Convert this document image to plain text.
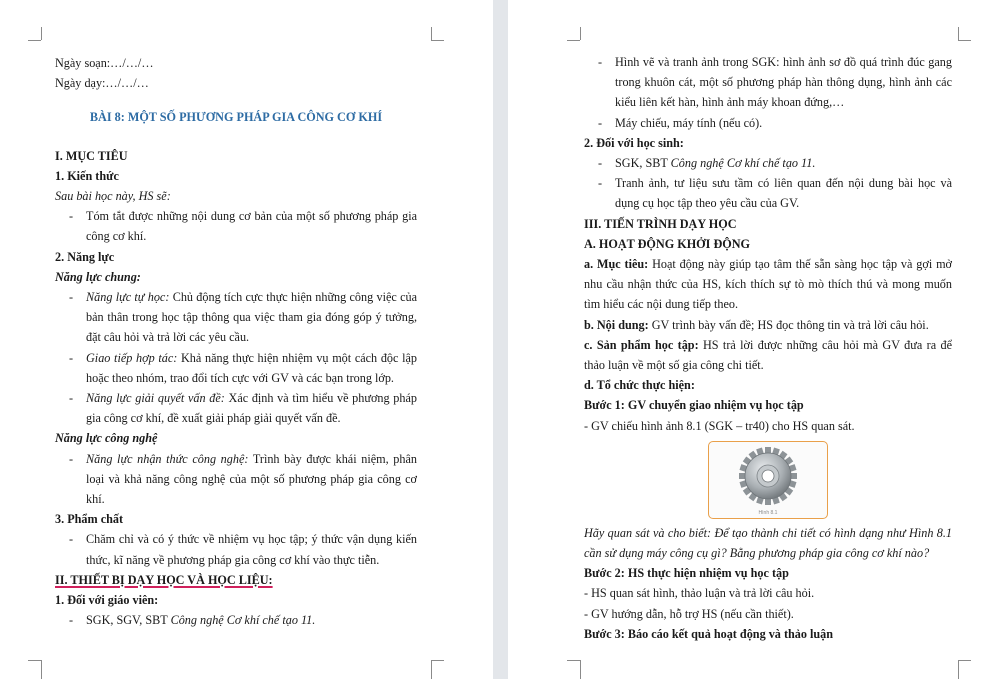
Ngày soạn:…/…/…

Ngày dạy:…/…/…

BÀI 8: MỘT SỐ PHƯƠNG PHÁP GIA CÔNG CƠ KHÍ

I. MỤC TIÊU

1. Kiến thức

Sau bài học này, HS sẽ:

- Tóm tắt được những nội dung cơ bản của một số phương pháp gia công cơ khí.

2. Năng lực

Năng lực chung:

- Năng lực tự học: Chủ động tích cực thực hiện những công việc của bản thân trong học tập thông qua việc tham gia đóng góp ý tưởng, đặt câu hỏi và trả lời các yêu cầu.
- Giao tiếp hợp tác: Khả năng thực hiện nhiệm vụ một cách độc lập hoặc theo nhóm, trao đổi tích cực với GV và các bạn trong lớp.
- Năng lực giải quyết vấn đề: Xác định và tìm hiểu về phương pháp gia công cơ khí, đề xuất giải pháp giải quyết vấn đề.

Năng lực công nghệ

- Năng lực nhận thức công nghệ: Trình bày được khái niệm, phân loại và khả năng công nghệ của một số phương pháp gia công cơ khí.

3. Phẩm chất

- Chăm chỉ và có ý thức về nhiệm vụ học tập; ý thức vận dụng kiến thức, kĩ năng về phương pháp gia công cơ khí vào thực tiễn.

II. THIẾT BỊ DẠY HỌC VÀ HỌC LIỆU:

1. Đối với giáo viên:

- SGK, SGV, SBT Công nghệ Cơ khí chế tạo 11.
- Hình vẽ và tranh ảnh trong SGK: hình ảnh sơ đồ quá trình đúc gang trong khuôn cát, một số phương pháp hàn thông dụng, hình ảnh các kiểu liên kết hàn, hình ảnh máy khoan đứng,…
- Máy chiếu, máy tính (nếu có).

2. Đối với học sinh:

- SGK, SBT Công nghệ Cơ khí chế tạo 11.
- Tranh ảnh, tư liệu sưu tầm có liên quan đến nội dung bài học và dụng cụ học tập theo yêu cầu của GV.

III. TIẾN TRÌNH DẠY HỌC

A. HOẠT ĐỘNG KHỞI ĐỘNG

a. Mục tiêu: Hoạt động này giúp tạo tâm thế sẵn sàng học tập và gợi mở nhu cầu nhận thức của HS, kích thích sự tò mò thích thú và mong muốn tìm hiểu các nội dung tiếp theo.

b. Nội dung: GV trình bày vấn đề; HS đọc thông tin và trả lời câu hỏi.

c. Sản phẩm học tập: HS trả lời được những câu hỏi mà GV đưa ra để thảo luận về một số gia công chi tiết.

d. Tổ chức thực hiện:

Bước 1: GV chuyển giao nhiệm vụ học tập

- GV chiếu hình ảnh 8.1 (SGK – tr40) cho HS quan sát.

Hình 8.1

Hãy quan sát và cho biết: Để tạo thành chi tiết có hình dạng như Hình 8.1 cần sử dụng máy công cụ gì? Bằng phương pháp gia công cơ khí nào?

Bước 2: HS thực hiện nhiệm vụ học tập

- HS quan sát hình, thảo luận và trả lời câu hỏi.

- GV hướng dẫn, hỗ trợ HS (nếu cần thiết).

Bước 3: Báo cáo kết quả hoạt động và thảo luận
